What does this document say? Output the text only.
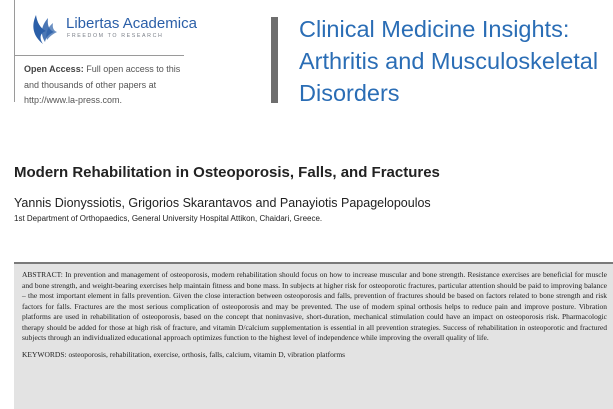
Libertas Academica
FREEDOM TO RESEARCH
Open Access: Full open access to this and thousands of other papers at http://www.la-press.com.
Clinical Medicine Insights: Arthritis and Musculoskeletal Disorders
Modern Rehabilitation in Osteoporosis, Falls, and Fractures
Yannis Dionyssiotis, Grigorios Skarantavos and Panayiotis Papagelopoulos
1st Department of Orthopaedics, General University Hospital Attikon, Chaidari, Greece.

ABSTRACT: In prevention and management of osteoporosis, modern rehabilitation should focus on how to increase muscular and bone strength. Resistance exercises are beneficial for muscle and bone strength, and weight-bearing exercises help maintain fitness and bone mass. In subjects at higher risk for osteoporotic fractures, particular attention should be paid to improving balance – the most important element in falls prevention. Given the close interaction between osteoporosis and falls, prevention of fractures should be based on factors related to bone strength and risk factors for falls. Fractures are the most serious complication of osteoporosis and may be prevented. The use of modern spinal orthosis helps to reduce pain and improve posture. Vibration platforms are used in rehabilitation of osteoporosis, based on the concept that noninvasive, short-duration, mechanical stimulation could have an impact on osteoporosis risk. Pharmacologic therapy should be added for those at high risk of fracture, and vitamin D/calcium supplementation is essential in all prevention strategies. Success of rehabilitation in osteoporotic and fractured subjects through an individualized educational approach optimizes function to the highest level of independence while improving the overall quality of life.

KEYWORDS: osteoporosis, rehabilitation, exercise, orthosis, falls, calcium, vitamin D, vibration platforms
